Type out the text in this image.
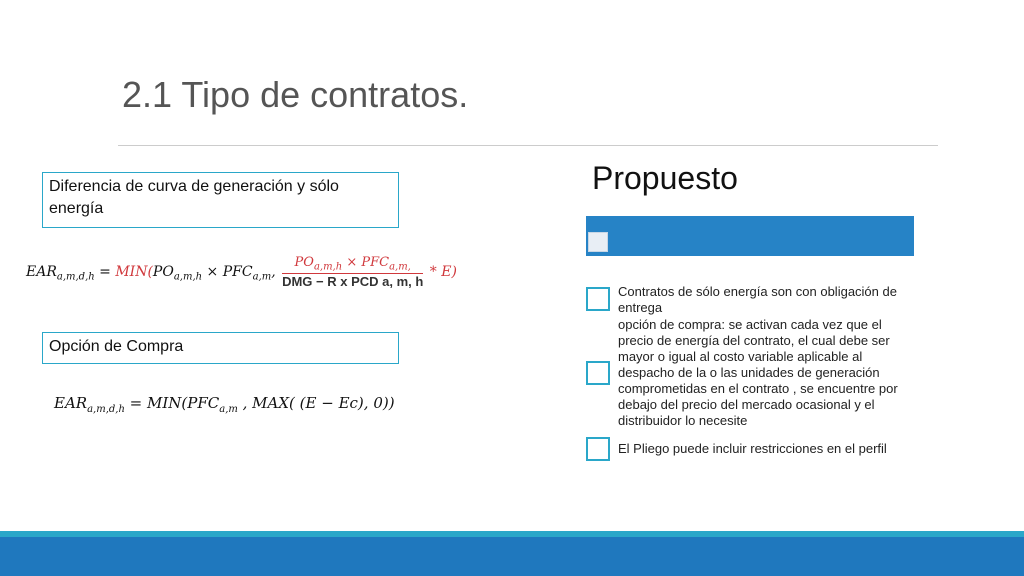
2.1 Tipo de contratos.
Diferencia de curva de generación y sólo energía
$EAR_{a,m,d,h} = MIN(PO_{a,m,h} \times PFC_{a,m}$, $\frac{PO_{a,m,h} \times PFC_{a,m,}}{\text{DMG − R x PCD a, m, h}} * E$)
Opción de Compra
$EAR_{a,m,d,h} = MIN(PFC_{a,m}$ , MAX( (E − Ec), 0))
Propuesto
Contratos de sólo energía son con obligación de entrega
opción de compra: se activan cada vez que el precio de energía del contrato, el cual debe ser mayor o igual al costo variable aplicable al despacho de la o las unidades de generación comprometidas en el contrato , se encuentre por debajo del precio del mercado ocasional y el distribuidor lo necesite
El Pliego puede incluir restricciones en el perfil
